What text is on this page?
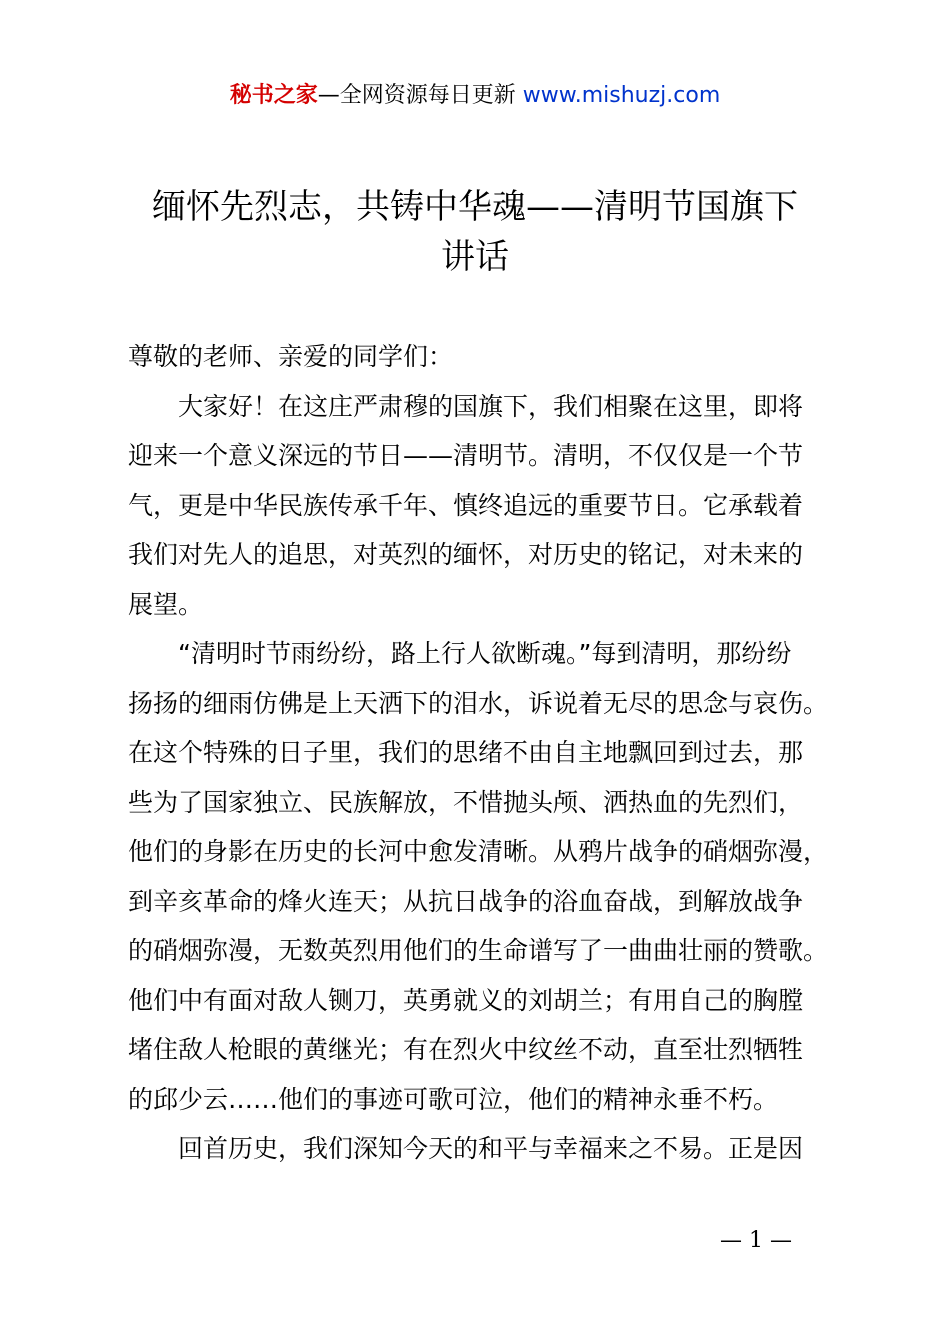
秘书之家—全网资源每日更新 www.mishuzj.com
缅怀先烈志，共铸中华魂——清明节国旗下
讲话

尊敬的老师、亲爱的同学们：

大家好！在这庄严肃穆的国旗下，我们相聚在这里，即将
迎来一个意义深远的节日——清明节。清明，不仅仅是一个节
气，更是中华民族传承千年、慎终追远的重要节日。它承载着
我们对先人的追思，对英烈的缅怀，对历史的铭记，对未来的
展望。

“清明时节雨纷纷，路上行人欲断魂。”每到清明，那纷纷
扬扬的细雨仿佛是上天洒下的泪水，诉说着无尽的思念与哀伤。
在这个特殊的日子里，我们的思绪不由自主地飘回到过去，那
些为了国家独立、民族解放，不惜抛头颅、洒热血的先烈们，
他们的身影在历史的长河中愈发清晰。从鸦片战争的硝烟弥漫，
到辛亥革命的烽火连天；从抗日战争的浴血奋战，到解放战争
的硝烟弥漫，无数英烈用他们的生命谱写了一曲曲壮丽的赞歌。
他们中有面对敌人铡刀，英勇就义的刘胡兰；有用自己的胸膛
堵住敌人枪眼的黄继光；有在烈火中纹丝不动，直至壮烈牺牲
的邱少云……他们的事迹可歌可泣，他们的精神永垂不朽。

回首历史，我们深知今天的和平与幸福来之不易。正是因

— 1 —
